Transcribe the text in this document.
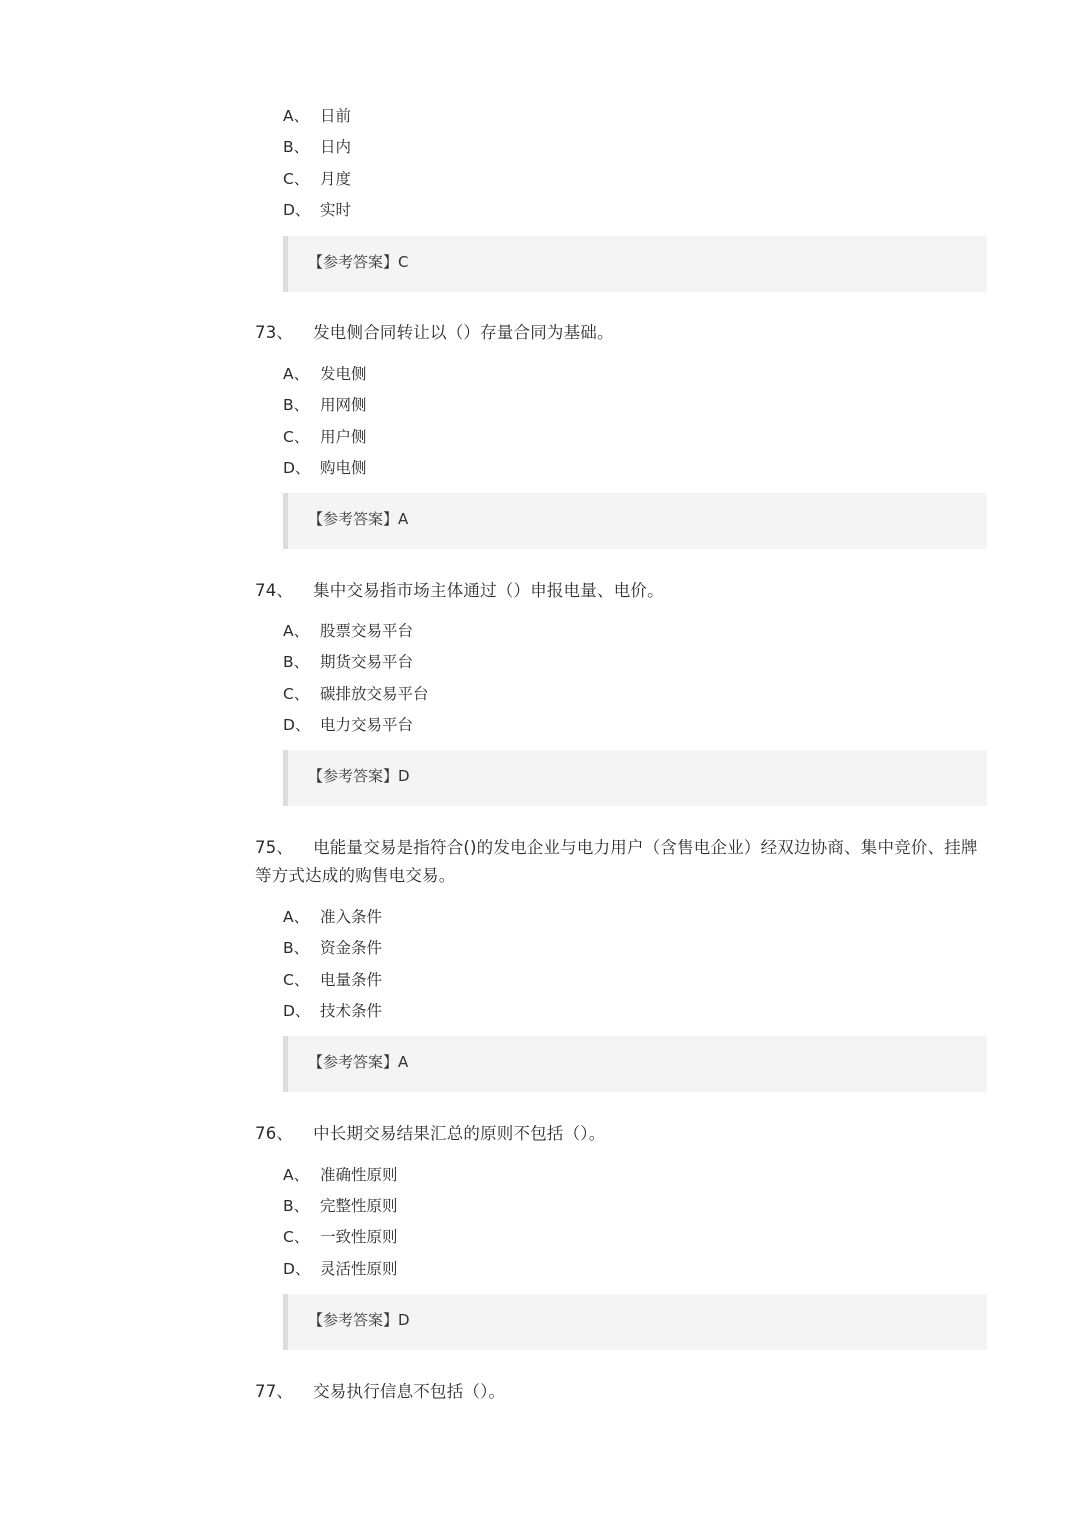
A、 日前
B、 日内
C、 月度
D、 实时
【参考答案】C
73、 发电侧合同转让以（）存量合同为基础。
A、 发电侧
B、 用网侧
C、 用户侧
D、 购电侧
【参考答案】A
74、 集中交易指市场主体通过（）申报电量、电价。
A、 股票交易平台
B、 期货交易平台
C、 碳排放交易平台
D、 电力交易平台
【参考答案】D
75、 电能量交易是指符合()的发电企业与电力用户（含售电企业）经双边协商、集中竞价、挂牌等方式达成的购售电交易。
A、 准入条件
B、 资金条件
C、 电量条件
D、 技术条件
【参考答案】A
76、 中长期交易结果汇总的原则不包括（）。
A、 准确性原则
B、 完整性原则
C、 一致性原则
D、 灵活性原则
【参考答案】D
77、 交易执行信息不包括（）。
